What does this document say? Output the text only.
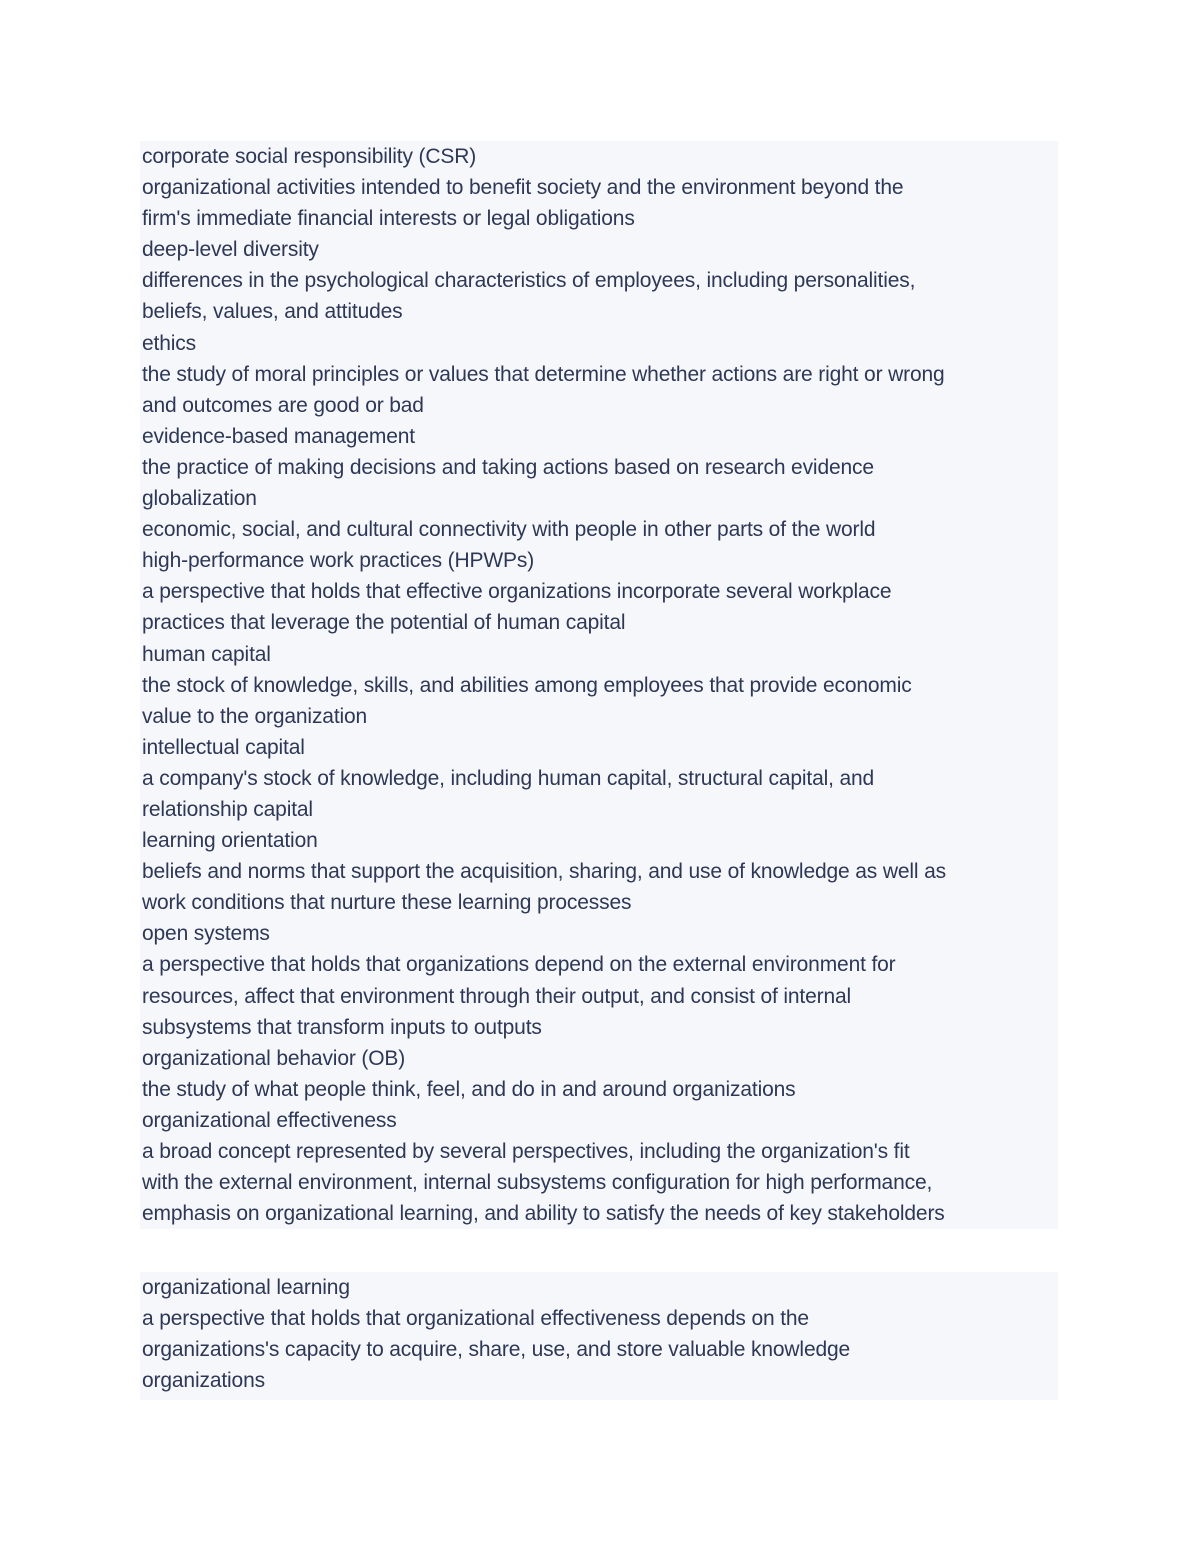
corporate social responsibility (CSR)
organizational activities intended to benefit society and the environment beyond the
firm's immediate financial interests or legal obligations
deep-level diversity
differences in the psychological characteristics of employees, including personalities,
beliefs, values, and attitudes
ethics
the study of moral principles or values that determine whether actions are right or wrong
and outcomes are good or bad
evidence-based management
the practice of making decisions and taking actions based on research evidence
globalization
economic, social, and cultural connectivity with people in other parts of the world
high-performance work practices (HPWPs)
a perspective that holds that effective organizations incorporate several workplace
practices that leverage the potential of human capital
human capital
the stock of knowledge, skills, and abilities among employees that provide economic
value to the organization
intellectual capital
a company's stock of knowledge, including human capital, structural capital, and
relationship capital
learning orientation
beliefs and norms that support the acquisition, sharing, and use of knowledge as well as
work conditions that nurture these learning processes
open systems
a perspective that holds that organizations depend on the external environment for
resources, affect that environment through their output, and consist of internal
subsystems that transform inputs to outputs
organizational behavior (OB)
the study of what people think, feel, and do in and around organizations
organizational effectiveness
a broad concept represented by several perspectives, including the organization's fit
with the external environment, internal subsystems configuration for high performance,
emphasis on organizational learning, and ability to satisfy the needs of key stakeholders
organizational learning
a perspective that holds that organizational effectiveness depends on the
organizations's capacity to acquire, share, use, and store valuable knowledge
organizations
